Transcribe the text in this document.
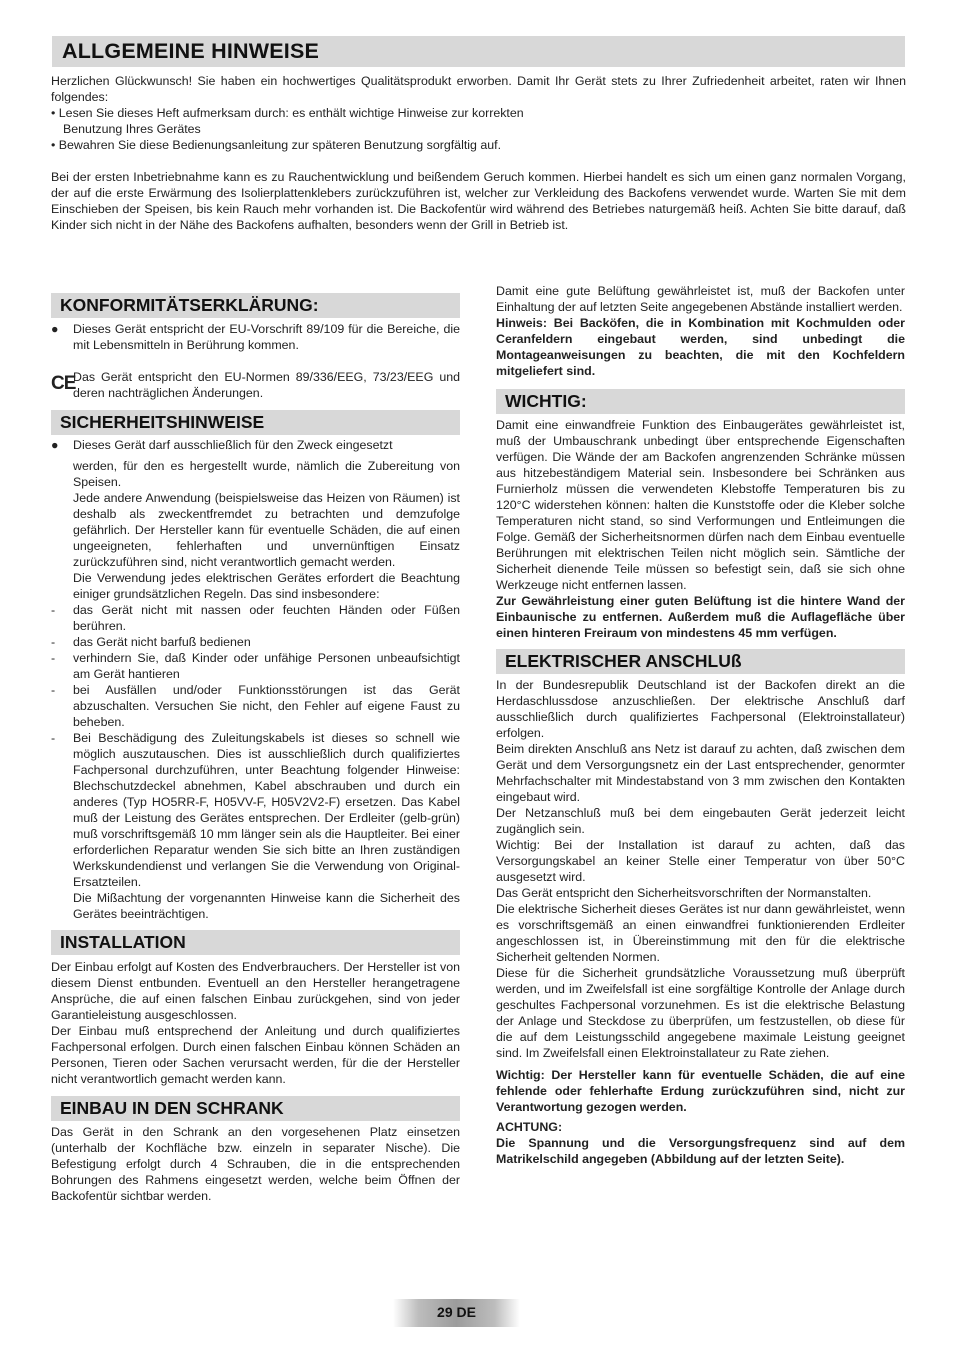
ALLGEMEINE HINWEISE

Herzlichen Glückwunsch! Sie haben ein hochwertiges Qualitätsprodukt erworben. Damit Ihr Gerät stets zu Ihrer Zufriedenheit arbeitet, raten wir Ihnen folgendes:

• Lesen Sie dieses Heft aufmerksam durch: es enthält wichtige Hinweise zur korrekten

Benutzung Ihres Gerätes

• Bewahren Sie diese Bedienungsanleitung zur späteren Benutzung sorgfältig auf.

Bei der ersten Inbetriebnahme kann es zu Rauchentwicklung und beißendem Geruch kommen. Hierbei handelt es sich um einen ganz normalen Vorgang, der auf die erste Erwärmung des Isolierplattenklebers zurückzuführen ist, welcher zur Verkleidung des Backofens verwendet wurde. Warten Sie mit dem Einschieben der Speisen, bis kein Rauch mehr vorhanden ist. Die Backofentür wird während des Betriebes naturgemäß heiß. Achten Sie bitte darauf, daß Kinder sich nicht in der Nähe des Backofens aufhalten, besonders wenn der Grill in Betrieb ist.

KONFORMITÄTSERKLÄRUNG:
●	Dieses Gerät entspricht der EU-Vorschrift 89/109 für die Bereiche, die mit Lebensmitteln in Berührung kommen.

CE

Das Gerät entspricht den EU-Normen 89/336/EEG, 73/23/EEG und deren nachträglichen Änderungen.

SICHERHEITSHINWEISE
●	Dieses Gerät darf ausschließlich für den Zweck eingesetzt

werden, für den es hergestellt wurde, nämlich die Zubereitung von Speisen.

Jede andere Anwendung (beispielsweise das Heizen von Räumen) ist deshalb als zweckentfremdet zu betrachten und demzufolge gefährlich. Der Hersteller kann für eventuelle Schäden, die auf einen ungeeigneten, fehlerhaften und unvernünftigen Einsatz zurückzuführen sind, nicht verantwortlich gemacht werden.

Die Verwendung jedes elektrischen Gerätes erfordert die Beachtung einiger grundsätzlichen Regeln. Das sind insbesondere:

-	das Gerät nicht mit nassen oder feuchten Händen oder Füßen berühren.

-	das Gerät nicht barfuß bedienen

-	verhindern Sie, daß Kinder oder unfähige Personen unbeaufsichtigt am Gerät hantieren

-	bei Ausfällen und/oder Funktionsstörungen ist das Gerät abzuschalten. Versuchen Sie nicht, den Fehler auf eigene Faust zu beheben.

-	Bei Beschädigung des Zuleitungskabels ist dieses so schnell wie möglich auszutauschen. Dies ist ausschließlich durch qualifiziertes Fachpersonal durchzuführen, unter Beachtung folgender Hinweise: Blechschutzdeckel abnehmen, Kabel abschrauben und durch ein anderes (Typ HO5RR-F, H05VV-F, H05V2V2-F) ersetzen. Das Kabel muß der Leistung des Gerätes entsprechen. Der Erdleiter (gelb-grün) muß vorschriftsgemäß 10 mm länger sein als die Hauptleiter. Bei einer erforderlichen Reparatur wenden Sie sich bitte an Ihren zuständigen Werkskundendienst und verlangen Sie die Verwendung von Original-Ersatzteilen.

Die Mißachtung der vorgenannten Hinweise kann die Sicherheit des Gerätes beeinträchtigen.

INSTALLATION

Der Einbau erfolgt auf Kosten des Endverbrauchers. Der Hersteller ist von diesem Dienst entbunden. Eventuell an den Hersteller herangetragene Ansprüche, die auf einen falschen Einbau zurückgehen, sind von jeder Garantieleistung ausgeschlossen.

Der Einbau muß entsprechend der Anleitung und durch qualifiziertes Fachpersonal erfolgen. Durch einen falschen Einbau können Schäden an Personen, Tieren oder Sachen verursacht werden, für die der Hersteller nicht verantwortlich gemacht werden kann.

EINBAU IN DEN SCHRANK

Das Gerät in den Schrank an den vorgesehenen Platz einsetzen (unterhalb der Kochfläche bzw. einzeln in separater Nische). Die Befestigung erfolgt durch 4 Schrauben, die in die entsprechenden Bohrungen des Rahmens eingesetzt werden, welche beim Öffnen der Backofentür sichtbar werden.

Damit eine gute Belüftung gewährleistet ist, muß der Backofen unter Einhaltung der auf letzten Seite angegebenen Abstände installiert werden.

Hinweis: Bei Backöfen, die in Kombination mit Kochmulden oder Ceranfeldern eingebaut werden, sind unbedingt die Montageanweisungen zu beachten, die mit den Kochfeldern mitgeliefert sind.

WICHTIG:

Damit eine einwandfreie Funktion des Einbaugerätes gewährleistet ist, muß der Umbauschrank unbedingt über entsprechende Eigenschaften verfügen. Die Wände der am Backofen angrenzenden Schränke müssen aus hitzebeständigem Material sein. Insbesondere bei Schränken aus Furnierholz müssen die verwendeten Klebstoffe Temperaturen bis zu 120°C widerstehen können: halten die Kunststoffe oder die Kleber solche Temperaturen nicht stand, so sind Verformungen und Entleimungen die Folge. Gemäß der Sicherheitsnormen dürfen nach dem Einbau eventuelle Berührungen mit elektrischen Teilen nicht möglich sein. Sämtliche der Sicherheit dienende Teile müssen so befestigt sein, daß sie sich ohne Werkzeuge nicht entfernen lassen.

Zur Gewährleistung einer guten Belüftung ist die hintere Wand der Einbaunische zu entfernen. Außerdem muß die Auflagefläche über einen hinteren Freiraum von mindestens 45 mm verfügen.

ELEKTRISCHER ANSCHLUß

In der Bundesrepublik Deutschland ist der Backofen direkt an die Herdaschlussdose anzuschließen. Der elektrische Anschluß darf ausschließlich durch qualifiziertes Fachpersonal (Elektroinstallateur) erfolgen.

Beim direkten Anschluß ans Netz ist darauf zu achten, daß zwischen dem Gerät und dem Versorgungsnetz ein der Last entsprechender, genormter Mehrfachschalter mit Mindestabstand von 3 mm zwischen den Kontakten eingebaut wird.

Der Netzanschluß muß bei dem eingebauten Gerät jederzeit leicht zugänglich sein.

Wichtig: Bei der Installation ist darauf zu achten, daß das Versorgungskabel an keiner Stelle einer Temperatur von über 50°C ausgesetzt wird.

Das Gerät entspricht den Sicherheitsvorschriften der Normanstalten.

Die elektrische Sicherheit dieses Gerätes ist nur dann gewährleistet, wenn es vorschriftsgemäß an einen einwandfrei funktionierenden Erdleiter angeschlossen ist, in Übereinstimmung mit den für die elektrische Sicherheit geltenden Normen.

Diese für die Sicherheit grundsätzliche Voraussetzung muß überprüft werden, und im Zweifelsfall ist eine sorgfältige Kontrolle der Anlage durch geschultes Fachpersonal vorzunehmen. Es ist die elektrische Belastung der Anlage und Steckdose zu überprüfen, um festzustellen, ob diese für die auf dem Leistungsschild angegebene maximale Leistung geeignet sind. Im Zweifelsfall einen Elektroinstallateur zu Rate ziehen.

Wichtig: Der Hersteller kann für eventuelle Schäden, die auf eine fehlende oder fehlerhafte Erdung zurückzuführen sind, nicht zur Verantwortung gezogen werden.

ACHTUNG:

Die Spannung und die Versorgungsfrequenz sind auf dem Matrikelschild angegeben (Abbildung auf der letzten Seite).

29 DE
